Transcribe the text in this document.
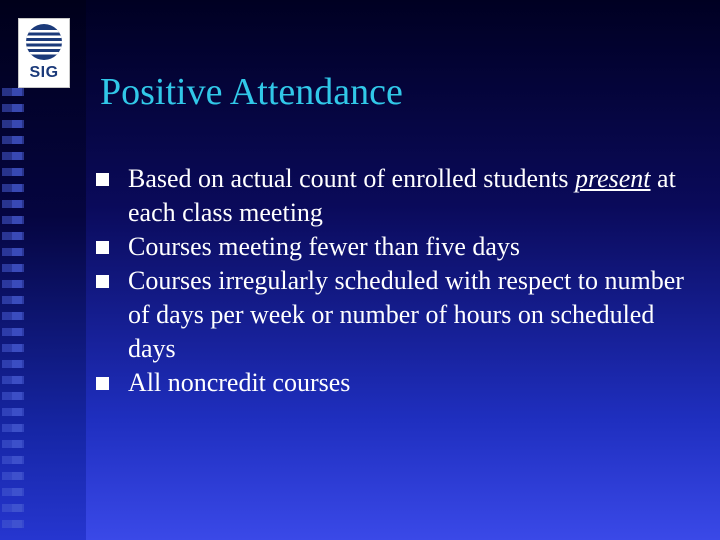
SIG Positive Attendance
Based on actual count of enrolled students present at each class meeting
Courses meeting fewer than five days
Courses irregularly scheduled with respect to number of days per week or number of hours on scheduled days
All noncredit courses
